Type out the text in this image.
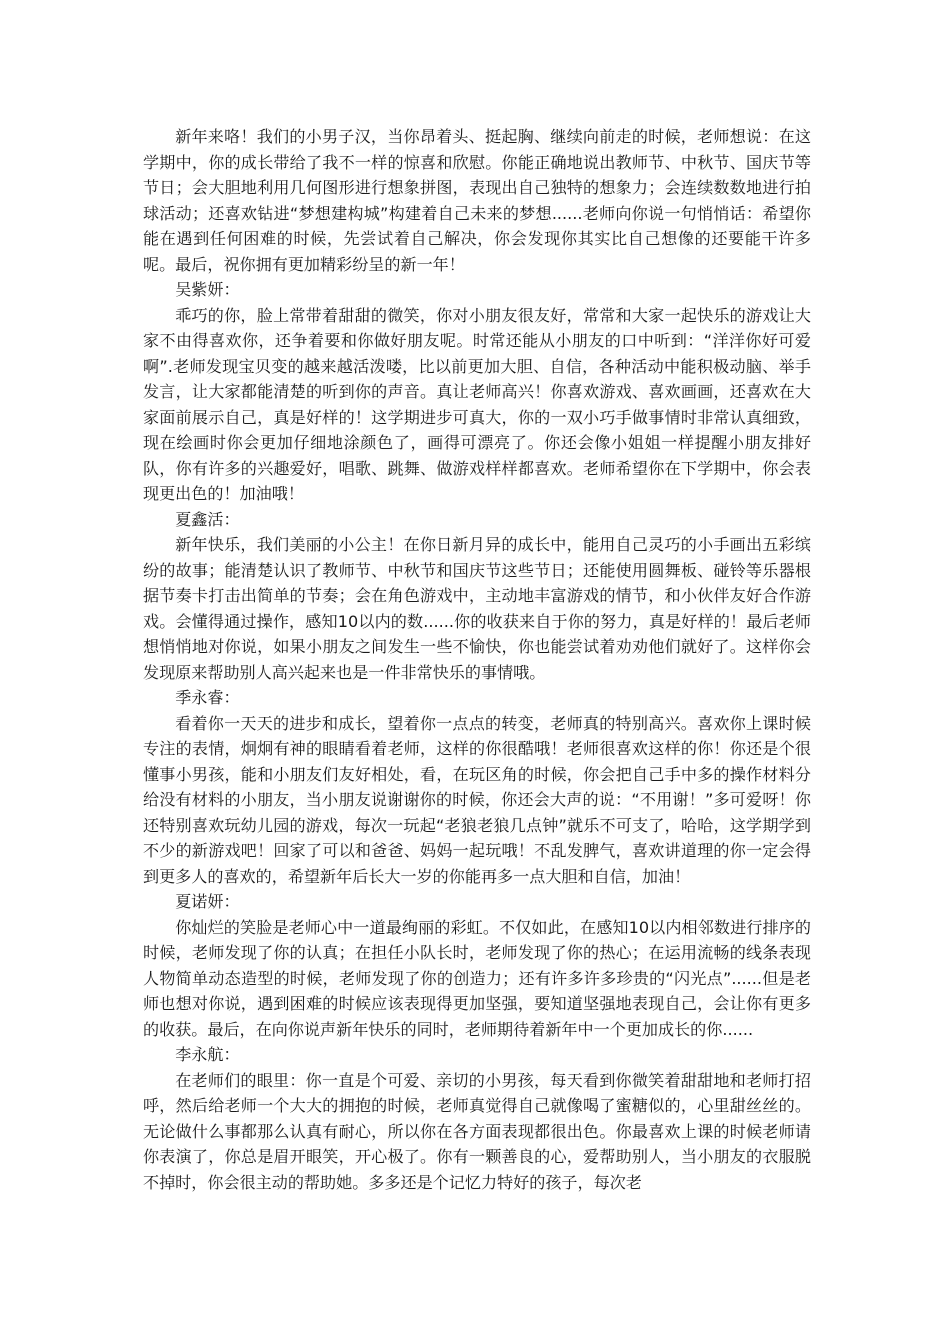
新年来咯！我们的小男子汉，当你昂着头、挺起胸、继续向前走的时候，老师想说：在这学期中，你的成长带给了我不一样的惊喜和欣慰。你能正确地说出教师节、中秋节、国庆节等节日；会大胆地利用几何图形进行想象拼图，表现出自己独特的想象力；会连续数数地进行拍球活动；还喜欢钻进“梦想建构城”构建着自己未来的梦想......老师向你说一句悄悄话：希望你能在遇到任何困难的时候，先尝试着自己解决，你会发现你其实比自己想像的还要能干许多呢。最后，祝你拥有更加精彩纷呈的新一年！

吴紫妍：

乖巧的你，脸上常带着甜甜的微笑，你对小朋友很友好，常常和大家一起快乐的游戏让大家不由得喜欢你，还争着要和你做好朋友呢。时常还能从小朋友的口中听到：“洋洋你好可爱啊”.老师发现宝贝变的越来越活泼喽，比以前更加大胆、自信，各种活动中能积极动脑、举手发言，让大家都能清楚的听到你的声音。真让老师高兴！你喜欢游戏、喜欢画画，还喜欢在大家面前展示自己，真是好样的！这学期进步可真大，你的一双小巧手做事情时非常认真细致，现在绘画时你会更加仔细地涂颜色了，画得可漂亮了。你还会像小姐姐一样提醒小朋友排好队，你有许多的兴趣爱好，唱歌、跳舞、做游戏样样都喜欢。老师希望你在下学期中，你会表现更出色的！加油哦！

夏鑫活：

新年快乐，我们美丽的小公主！在你日新月异的成长中，能用自己灵巧的小手画出五彩缤纷的故事；能清楚认识了教师节、中秋节和国庆节这些节日；还能使用圆舞板、碰铃等乐器根据节奏卡打击出简单的节奏；会在角色游戏中，主动地丰富游戏的情节，和小伙伴友好合作游戏。会懂得通过操作，感知10以内的数......你的收获来自于你的努力，真是好样的！最后老师想悄悄地对你说，如果小朋友之间发生一些不愉快，你也能尝试着劝劝他们就好了。这样你会发现原来帮助别人高兴起来也是一件非常快乐的事情哦。

季永睿：

看着你一天天的进步和成长，望着你一点点的转变，老师真的特别高兴。喜欢你上课时候专注的表情，炯炯有神的眼睛看着老师，这样的你很酷哦！老师很喜欢这样的你！你还是个很懂事小男孩，能和小朋友们友好相处，看，在玩区角的时候，你会把自己手中多的操作材料分给没有材料的小朋友，当小朋友说谢谢你的时候，你还会大声的说：“不用谢！”多可爱呀！你还特别喜欢玩幼儿园的游戏，每次一玩起“老狼老狼几点钟”就乐不可支了，哈哈，这学期学到不少的新游戏吧！回家了可以和爸爸、妈妈一起玩哦！不乱发脾气，喜欢讲道理的你一定会得到更多人的喜欢的，希望新年后长大一岁的你能再多一点大胆和自信，加油！

夏诺妍：

你灿烂的笑脸是老师心中一道最绚丽的彩虹。不仅如此，在感知10以内相邻数进行排序的时候，老师发现了你的认真；在担任小队长时，老师发现了你的热心；在运用流畅的线条表现人物简单动态造型的时候，老师发现了你的创造力；还有许多许多珍贵的“闪光点”......但是老师也想对你说，遇到困难的时候应该表现得更加坚强，要知道坚强地表现自己，会让你有更多的收获。最后，在向你说声新年快乐的同时，老师期待着新年中一个更加成长的你......

李永航：

在老师们的眼里：你一直是个可爱、亲切的小男孩，每天看到你微笑着甜甜地和老师打招呼，然后给老师一个大大的拥抱的时候，老师真觉得自己就像喝了蜜糖似的，心里甜丝丝的。无论做什么事都那么认真有耐心，所以你在各方面表现都很出色。你最喜欢上课的时候老师请你表演了，你总是眉开眼笑，开心极了。你有一颗善良的心，爱帮助别人，当小朋友的衣服脱不掉时，你会很主动的帮助她。多多还是个记忆力特好的孩子，每次老
